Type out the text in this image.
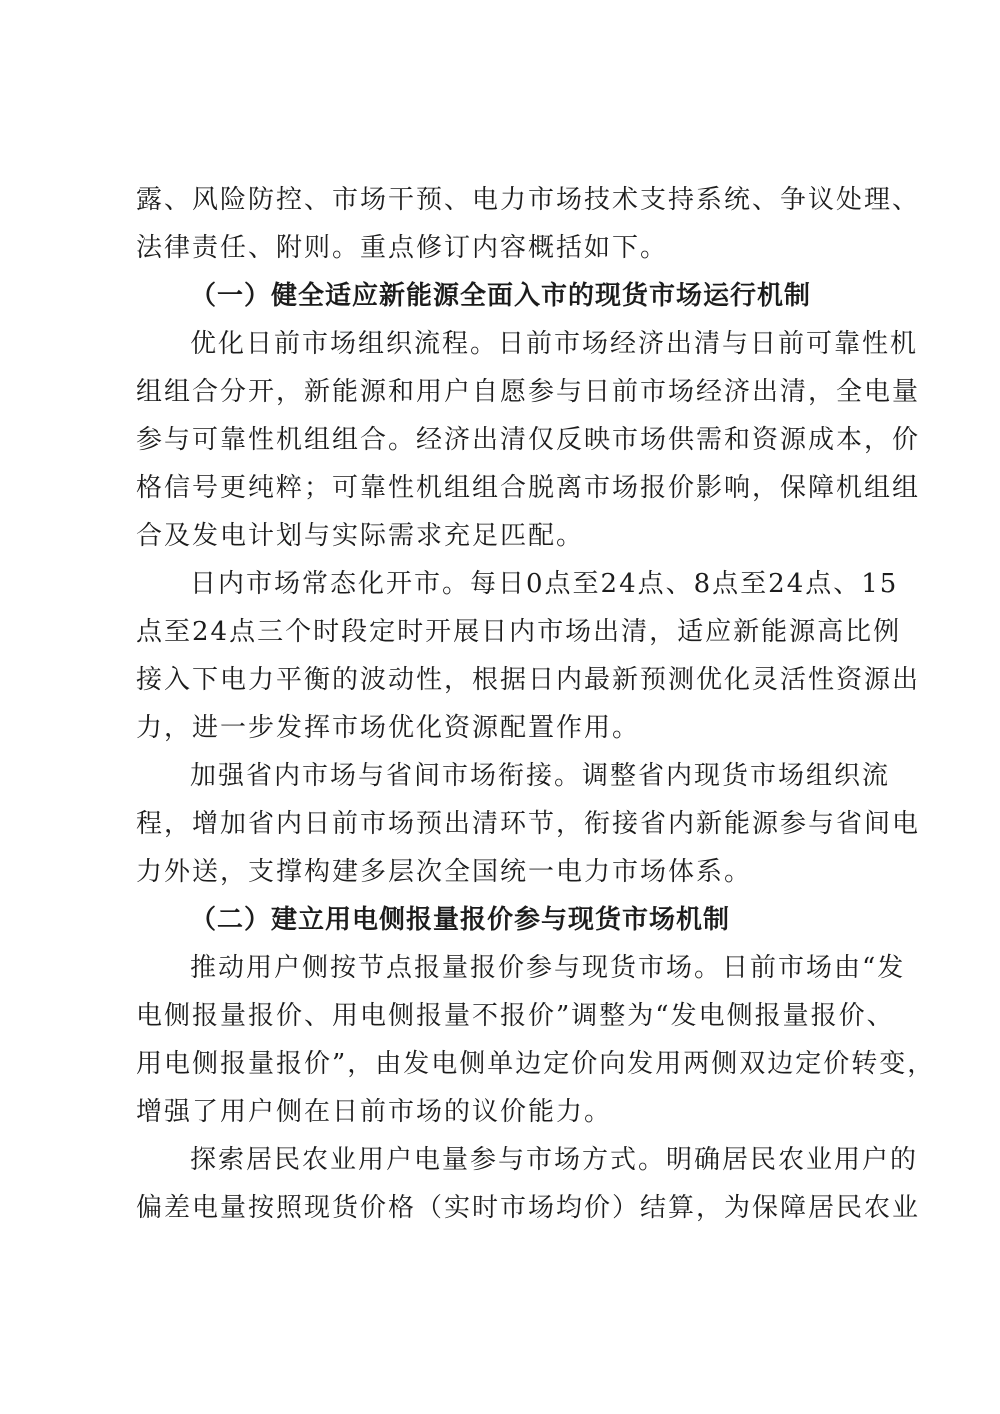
露、风险防控、市场干预、电力市场技术支持系统、争议处理、
法律责任、附则。重点修订内容概括如下。
（一）健全适应新能源全面入市的现货市场运行机制
优化日前市场组织流程。日前市场经济出清与日前可靠性机
组组合分开，新能源和用户自愿参与日前市场经济出清，全电量
参与可靠性机组组合。经济出清仅反映市场供需和资源成本，价
格信号更纯粹；可靠性机组组合脱离市场报价影响，保障机组组
合及发电计划与实际需求充足匹配。
日内市场常态化开市。每日0点至24点、8点至24点、15
点至24点三个时段定时开展日内市场出清，适应新能源高比例
接入下电力平衡的波动性，根据日内最新预测优化灵活性资源出
力，进一步发挥市场优化资源配置作用。
加强省内市场与省间市场衔接。调整省内现货市场组织流
程，增加省内日前市场预出清环节，衔接省内新能源参与省间电
力外送，支撑构建多层次全国统一电力市场体系。
（二）建立用电侧报量报价参与现货市场机制
推动用户侧按节点报量报价参与现货市场。日前市场由“发
电侧报量报价、用电侧报量不报价”调整为“发电侧报量报价、
用电侧报量报价”，由发电侧单边定价向发用两侧双边定价转变，
增强了用户侧在日前市场的议价能力。
探索居民农业用户电量参与市场方式。明确居民农业用户的
偏差电量按照现货价格（实时市场均价）结算，为保障居民农业
